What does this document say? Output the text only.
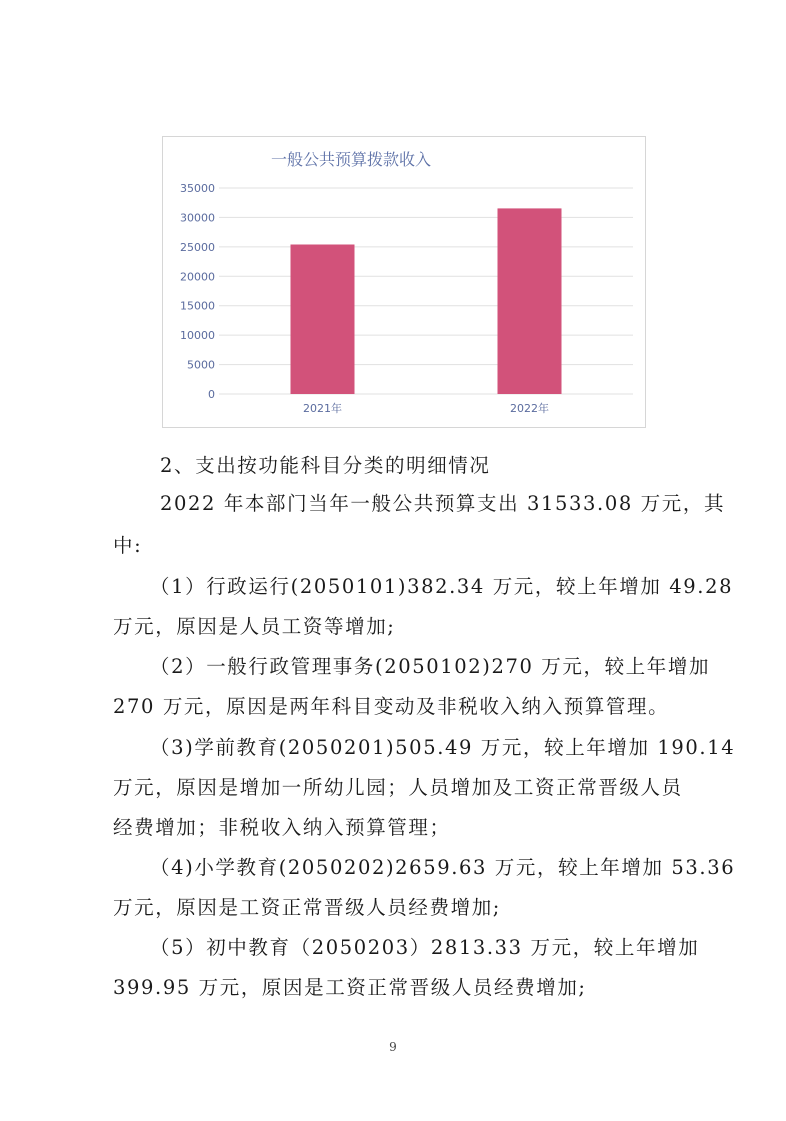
一般公共预算拨款收入
0
5000
10000
15000
20000
25000
30000
35000
2021年	2022年

2、支出按功能科目分类的明细情况

2022 年本部门当年一般公共预算支出 31533.08 万元，其

中:

（1）行政运行(2050101)382.34 万元，较上年增加 49.28

万元，原因是人员工资等增加;

（2）一般行政管理事务(2050102)270 万元，较上年增加

270 万元，原因是两年科目变动及非税收入纳入预算管理。

（3)学前教育(2050201)505.49 万元，较上年增加 190.14

万元，原因是增加一所幼儿园；人员增加及工资正常晋级人员

经费增加；非税收入纳入预算管理；

（4)小学教育(2050202)2659.63 万元，较上年增加 53.36

万元，原因是工资正常晋级人员经费增加;

（5）初中教育（2050203）2813.33 万元，较上年增加

399.95 万元，原因是工资正常晋级人员经费增加;

9
